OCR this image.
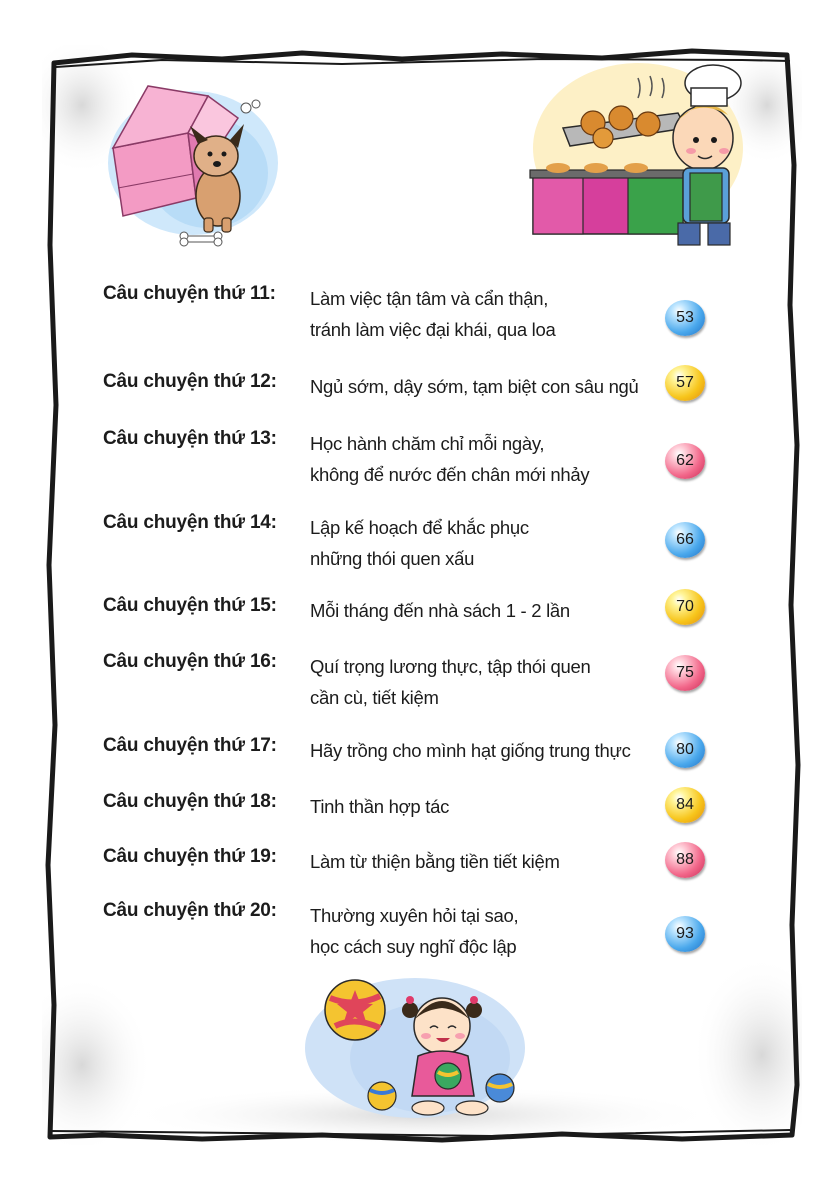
Câu chuyện thứ 11: Làm việc tận tâm và cẩn thận,
tránh làm việc đại khái, qua loa
53
Câu chuyện thứ 12: Ngủ sớm, dậy sớm, tạm biệt con sâu ngủ	57
Câu chuyện thứ 13: Học hành chăm chỉ mỗi ngày,
không để nước đến chân mới nhảy
62
Câu chuyện thứ 14: Lập kế hoạch để khắc phục
những thói quen xấu
66
Câu chuyện thứ 15: Mỗi tháng đến nhà sách 1 - 2 lần	70
Câu chuyện thứ 16: Quí trọng lương thực, tập thói quen
cần cù, tiết kiệm
75
Câu chuyện thứ 17: Hãy trồng cho mình hạt giống trung thực	80
Câu chuyện thứ 18: Tinh thần hợp tác	84
Câu chuyện thứ 19: Làm từ thiện bằng tiền tiết kiệm	88
Câu chuyện thứ 20: Thường xuyên hỏi tại sao,
học cách suy nghĩ độc lập
93
